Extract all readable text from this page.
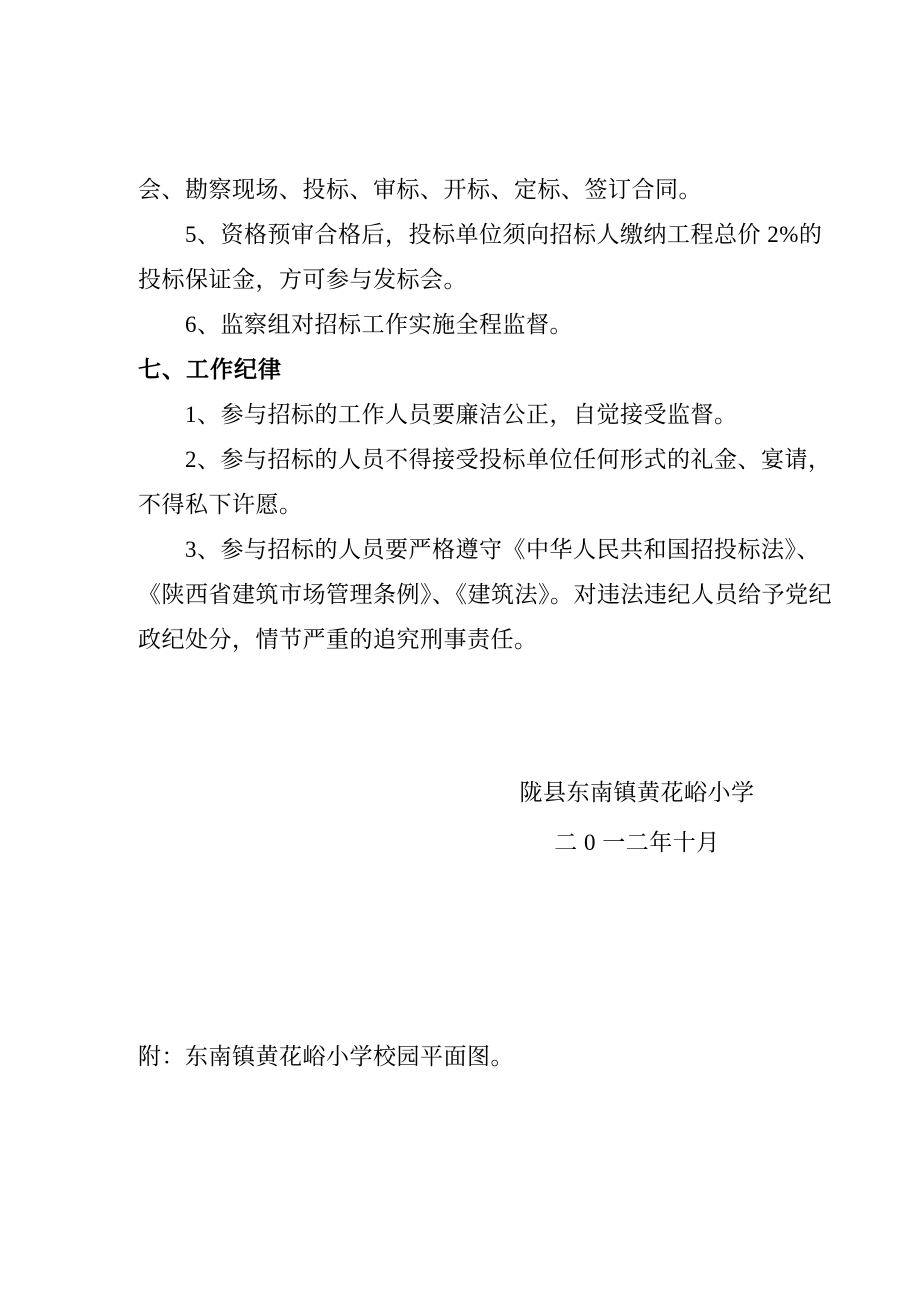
会、勘察现场、投标、审标、开标、定标、签订合同。
5、资格预审合格后，投标单位须向招标人缴纳工程总价 2%的
投标保证金，方可参与发标会。
6、监察组对招标工作实施全程监督。
七、工作纪律
1、参与招标的工作人员要廉洁公正，自觉接受监督。
2、参与招标的人员不得接受投标单位任何形式的礼金、宴请，
不得私下许愿。
3、参与招标的人员要严格遵守《中华人民共和国招投标法》、
《陕西省建筑市场管理条例》、《建筑法》。对违法违纪人员给予党纪
政纪处分，情节严重的追究刑事责任。
陇县东南镇黄花峪小学
二 0 一二年十月
附：东南镇黄花峪小学校园平面图。
